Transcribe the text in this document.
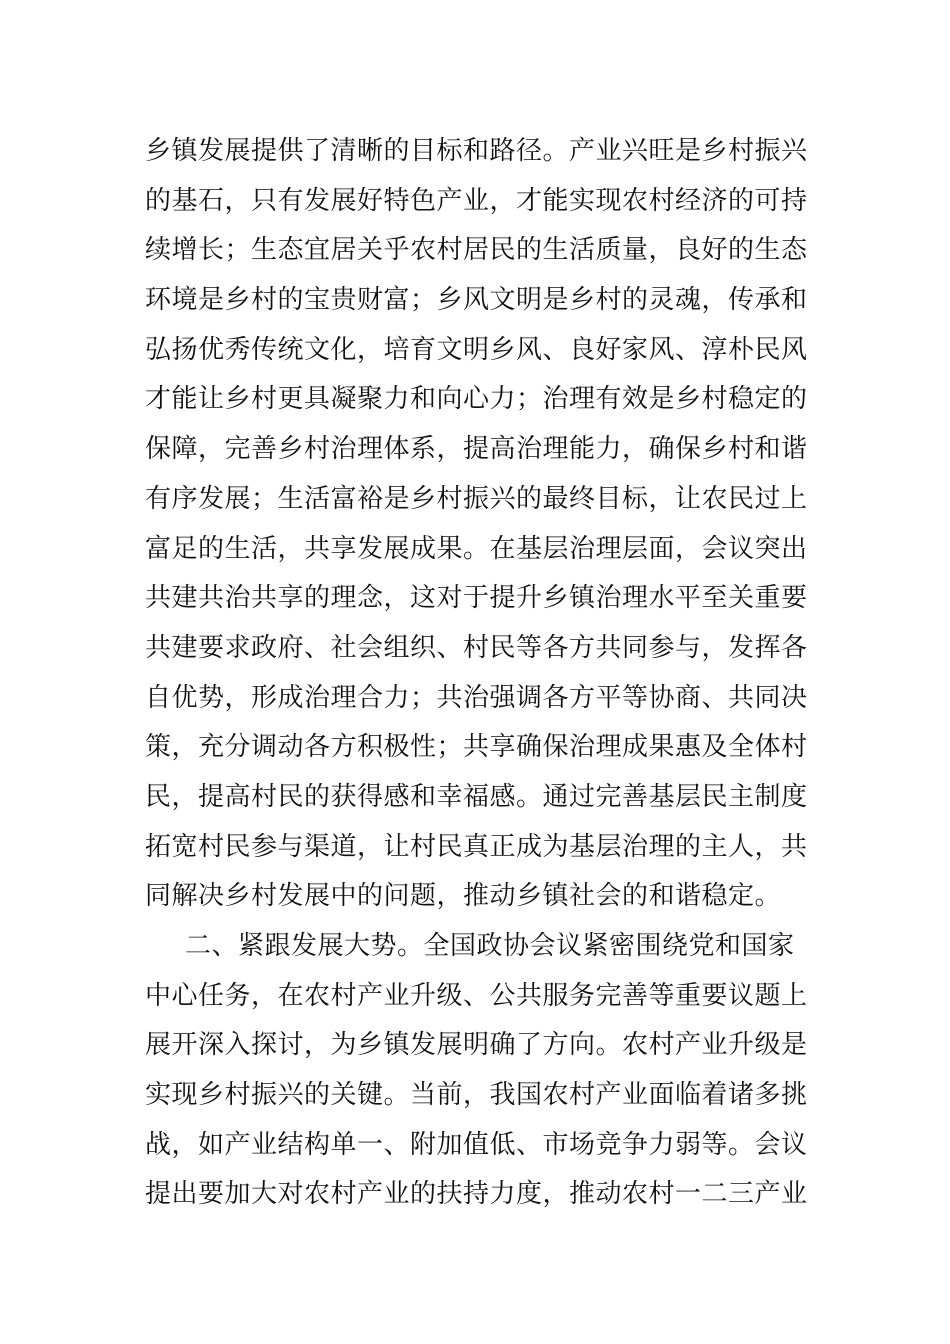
乡镇发展提供了清晰的目标和路径。产业兴旺是乡村振兴
的基石，只有发展好特色产业，才能实现农村经济的可持
续增长；生态宜居关乎农村居民的生活质量，良好的生态
环境是乡村的宝贵财富；乡风文明是乡村的灵魂，传承和
弘扬优秀传统文化，培育文明乡风、良好家风、淳朴民风
才能让乡村更具凝聚力和向心力；治理有效是乡村稳定的
保障，完善乡村治理体系，提高治理能力，确保乡村和谐
有序发展；生活富裕是乡村振兴的最终目标，让农民过上
富足的生活，共享发展成果。在基层治理层面，会议突出
共建共治共享的理念，这对于提升乡镇治理水平至关重要
共建要求政府、社会组织、村民等各方共同参与，发挥各
自优势，形成治理合力；共治强调各方平等协商、共同决
策，充分调动各方积极性；共享确保治理成果惠及全体村
民，提高村民的获得感和幸福感。通过完善基层民主制度
拓宽村民参与渠道，让村民真正成为基层治理的主人，共
同解决乡村发展中的问题，推动乡镇社会的和谐稳定。
二、紧跟发展大势。全国政协会议紧密围绕党和国家
中心任务，在农村产业升级、公共服务完善等重要议题上
展开深入探讨，为乡镇发展明确了方向。农村产业升级是
实现乡村振兴的关键。当前，我国农村产业面临着诸多挑
战，如产业结构单一、附加值低、市场竞争力弱等。会议
提出要加大对农村产业的扶持力度，推动农村一二三产业
